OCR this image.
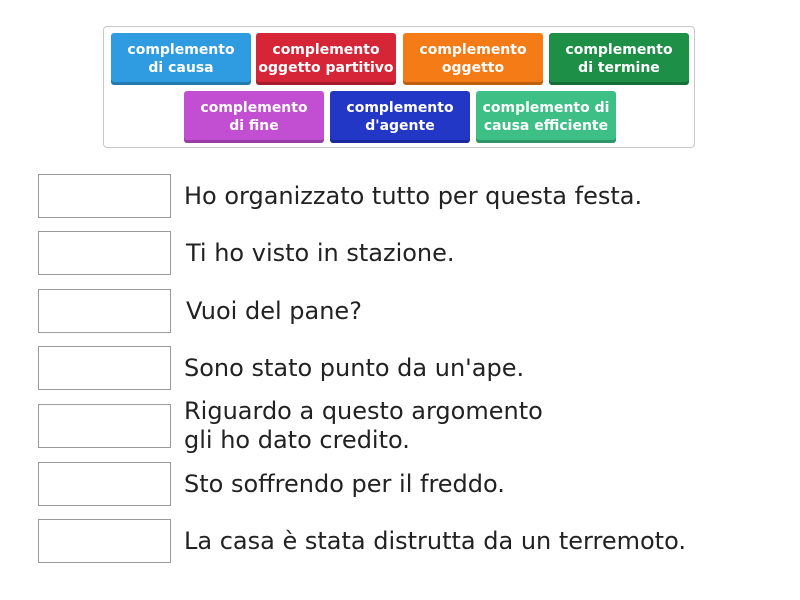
complemento
di causa
complemento
oggetto partitivo
complemento
oggetto
complemento
di termine
complemento
di fine
complemento
d'agente
complemento di
causa efficiente
Ho organizzato tutto per questa festa.
Ti ho visto in stazione.
Vuoi del pane?
Sono stato punto da un'ape.
Riguardo a questo argomento
gli ho dato credito.
Sto soffrendo per il freddo.
La casa è stata distrutta da un terremoto.
